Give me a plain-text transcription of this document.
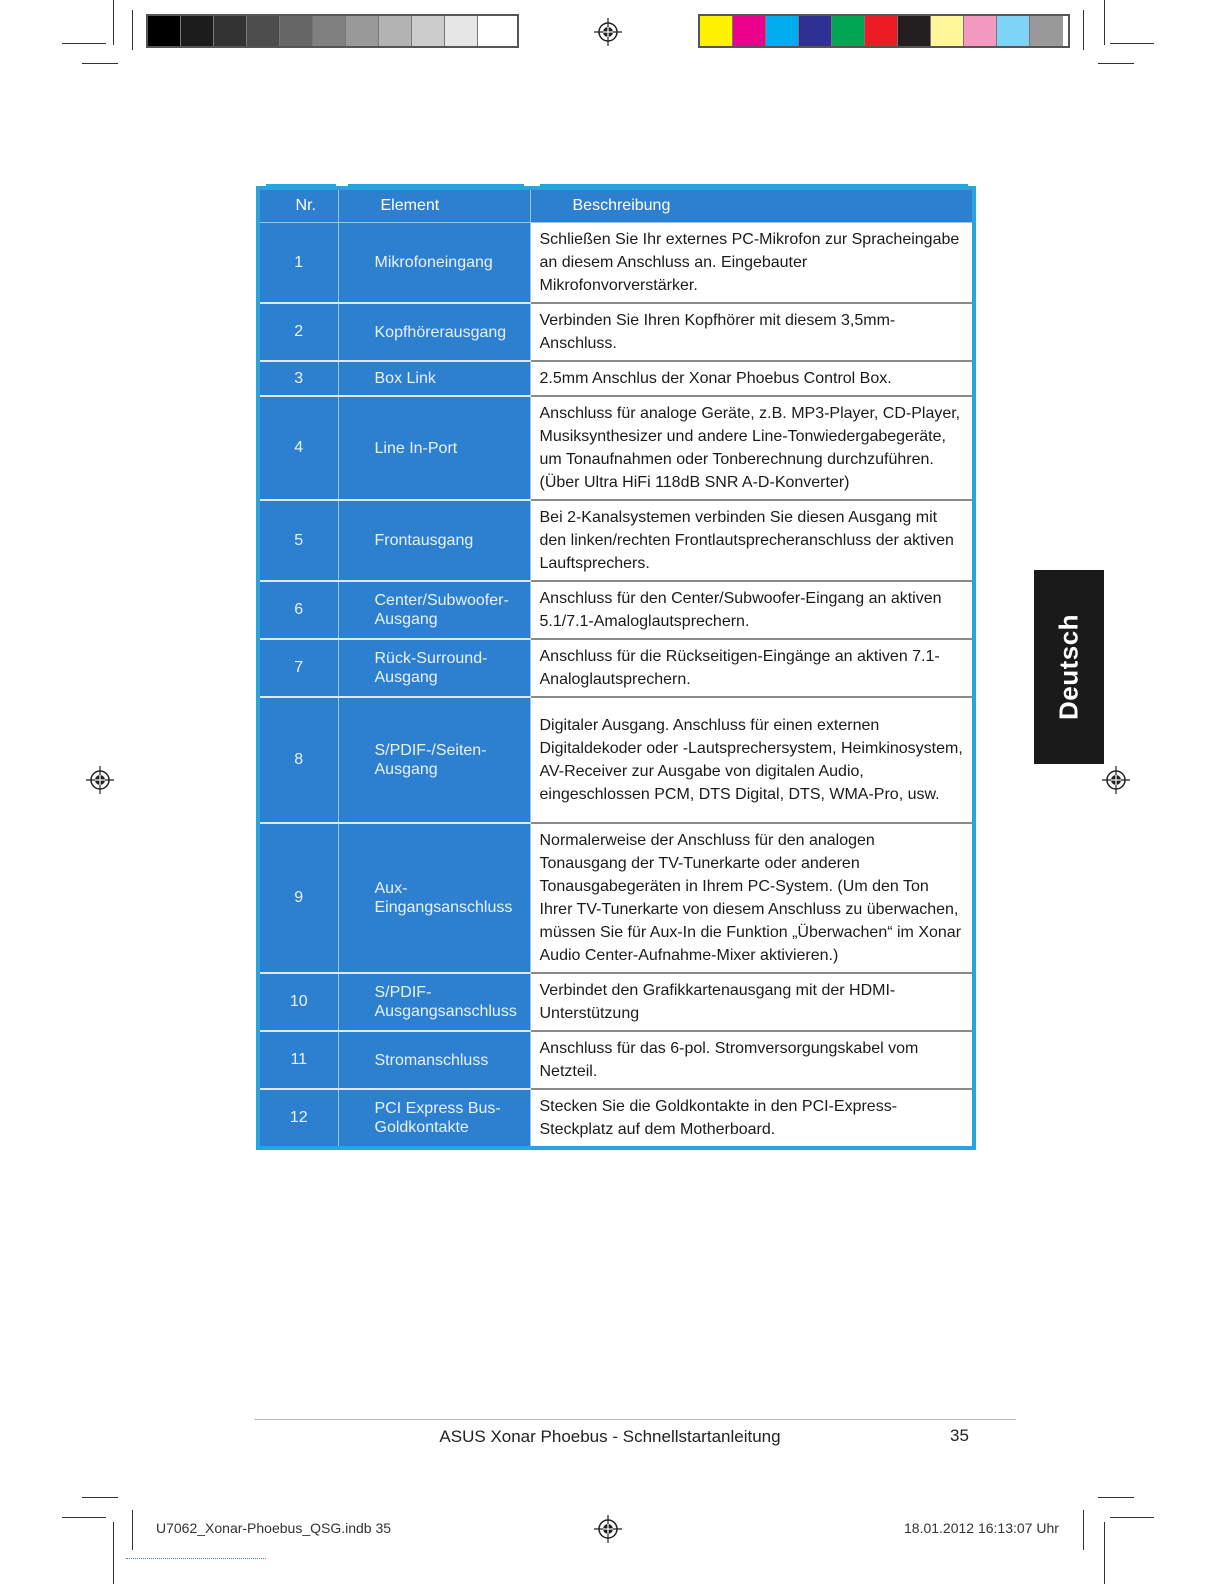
Nr.	Element	Beschreibung
1	Mikrofoneingang	Schließen Sie Ihr externes PC-Mikrofon zur Spracheingabe an diesem Anschluss an. Eingebauter Mikrofonvorverstärker.
2	Kopfhörerausgang	Verbinden Sie Ihren Kopfhörer mit diesem 3,5mm-Anschluss.
3	Box Link	2.5mm Anschlus der Xonar Phoebus Control Box.
4	Line In-Port	Anschluss für analoge Geräte, z.B. MP3-Player, CD-Player, Musiksynthesizer und andere Line-Tonwiedergabegeräte, um Tonaufnahmen oder Tonberechnung durchzuführen. (Über Ultra HiFi 118dB SNR A-D-Konverter)
5	Frontausgang	Bei 2-Kanalsystemen verbinden Sie diesen Ausgang mit den linken/rechten Frontlautsprecheranschluss der aktiven Lauftsprechers.
6	Center/Subwoofer-Ausgang	Anschluss für den Center/Subwoofer-Eingang an aktiven 5.1/7.1-Amaloglautsprechern.
7	Rück-Surround-Ausgang	Anschluss für die Rückseitigen-Eingänge an aktiven 7.1-Analoglautsprechern.
8	S/PDIF-/Seiten-Ausgang	Digitaler Ausgang. Anschluss für einen externen Digitaldekoder oder -Lautsprechersystem, Heimkinosystem, AV-Receiver zur Ausgabe von digitalen Audio, eingeschlossen PCM, DTS Digital, DTS, WMA-Pro, usw.
9	Aux-Eingangsanschluss	Normalerweise der Anschluss für den analogen Tonausgang der TV-Tunerkarte oder anderen Tonausgabegeräten in Ihrem PC-System. (Um den Ton Ihrer TV-Tunerkarte von diesem Anschluss zu überwachen, müssen Sie für Aux-In die Funktion „Überwachen“ im Xonar Audio Center-Aufnahme-Mixer aktivieren.)
10	S/PDIF-Ausgangsanschluss	Verbindet den Grafikkartenausgang mit der HDMI-Unterstützung
11	Stromanschluss	Anschluss für das 6-pol. Stromversorgungskabel vom Netzteil.
12	PCI Express Bus-Goldkontakte	Stecken Sie die Goldkontakte in den PCI-Express-Steckplatz auf dem Motherboard.
Deutsch
ASUS Xonar Phoebus - Schnellstartanleitung	35
U7062_Xonar-Phoebus_QSG.indb 35	18.01.2012 16:13:07 Uhr
